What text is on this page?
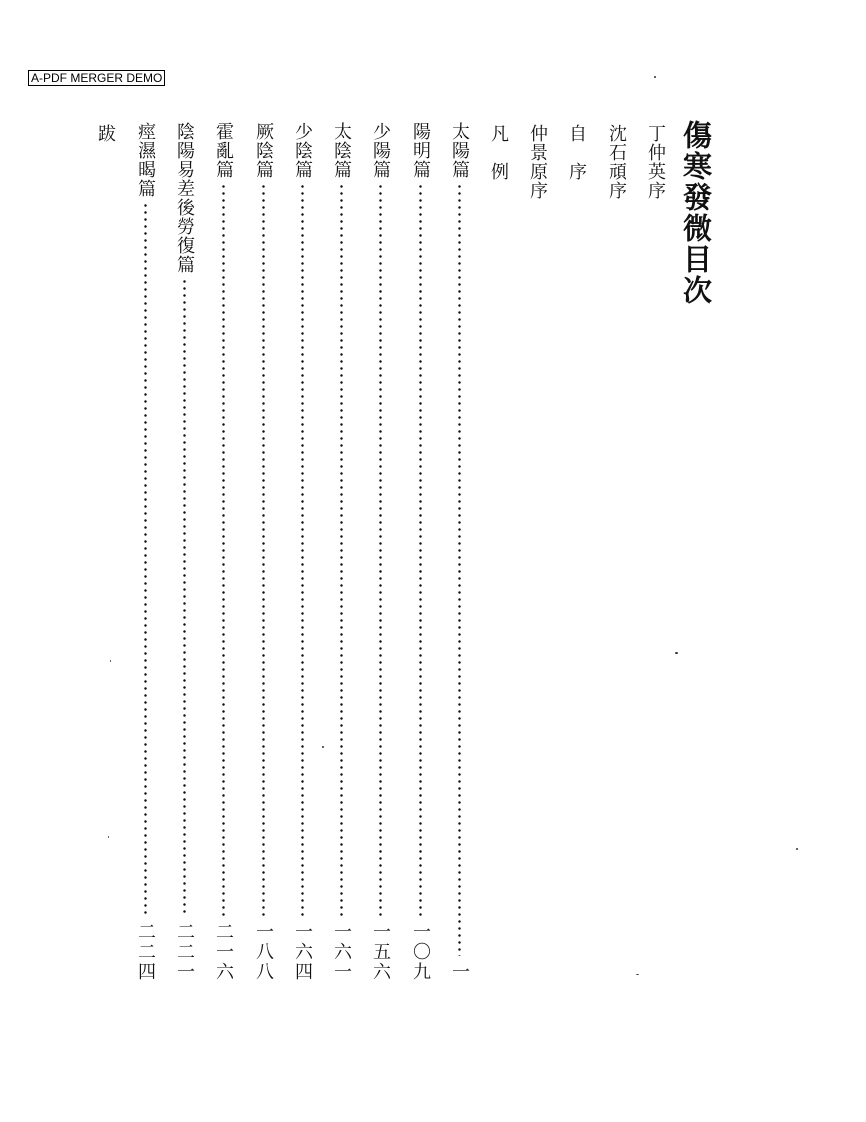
A-PDF MERGER DEMO
傷寒發微目次
丁仲英序
沈石頑序
自　序
仲景原序
凡　例
太陽篇
一
陽明篇
一〇九
少陽篇
一五六
太陰篇
一六一
少陰篇
一六四
厥陰篇
一八八
霍亂篇
二一六
陰陽易差後勞復篇
二二一
痙濕暍篇
二二四
跋
